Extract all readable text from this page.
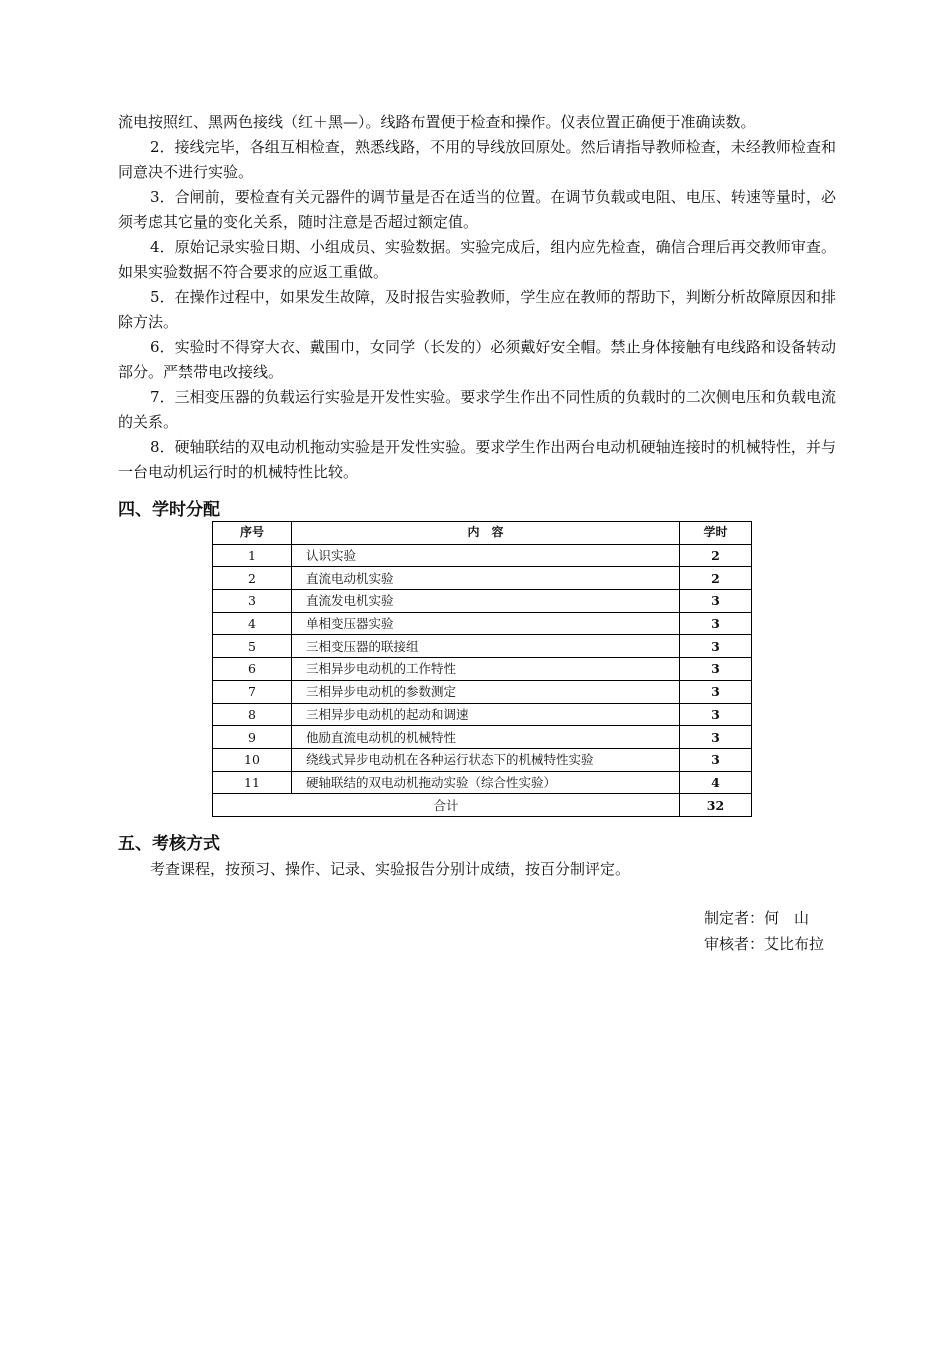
流电按照红、黑两色接线（红＋黑—）。线路布置便于检查和操作。仪表位置正确便于准确读数。

2．接线完毕，各组互相检查，熟悉线路，不用的导线放回原处。然后请指导教师检查，未经教师检查和同意决不进行实验。

3．合闸前，要检查有关元器件的调节量是否在适当的位置。在调节负载或电阻、电压、转速等量时，必须考虑其它量的变化关系，随时注意是否超过额定值。

4．原始记录实验日期、小组成员、实验数据。实验完成后，组内应先检查，确信合理后再交教师审查。如果实验数据不符合要求的应返工重做。

5．在操作过程中，如果发生故障，及时报告实验教师，学生应在教师的帮助下，判断分析故障原因和排除方法。

6．实验时不得穿大衣、戴围巾，女同学（长发的）必须戴好安全帽。禁止身体接触有电线路和设备转动部分。严禁带电改接线。

7．三相变压器的负载运行实验是开发性实验。要求学生作出不同性质的负载时的二次侧电压和负载电流的关系。

8．硬轴联结的双电动机拖动实验是开发性实验。要求学生作出两台电动机硬轴连接时的机械特性，并与一台电动机运行时的机械特性比较。

四、学时分配
序号	内　容	学时
1	认识实验	2
2	直流电动机实验	2
3	直流发电机实验	3
4	单相变压器实验	3
5	三相变压器的联接组	3
6	三相异步电动机的工作特性	3
7	三相异步电动机的参数测定	3
8	三相异步电动机的起动和调速	3
9	他励直流电动机的机械特性	3
10	绕线式异步电动机在各种运行状态下的机械特性实验	3
11	硬轴联结的双电动机拖动实验（综合性实验）	4
合计		32
五、考核方式

考查课程，按预习、操作、记录、实验报告分别计成绩，按百分制评定。

制定者：何　山
审核者：艾比布拉
